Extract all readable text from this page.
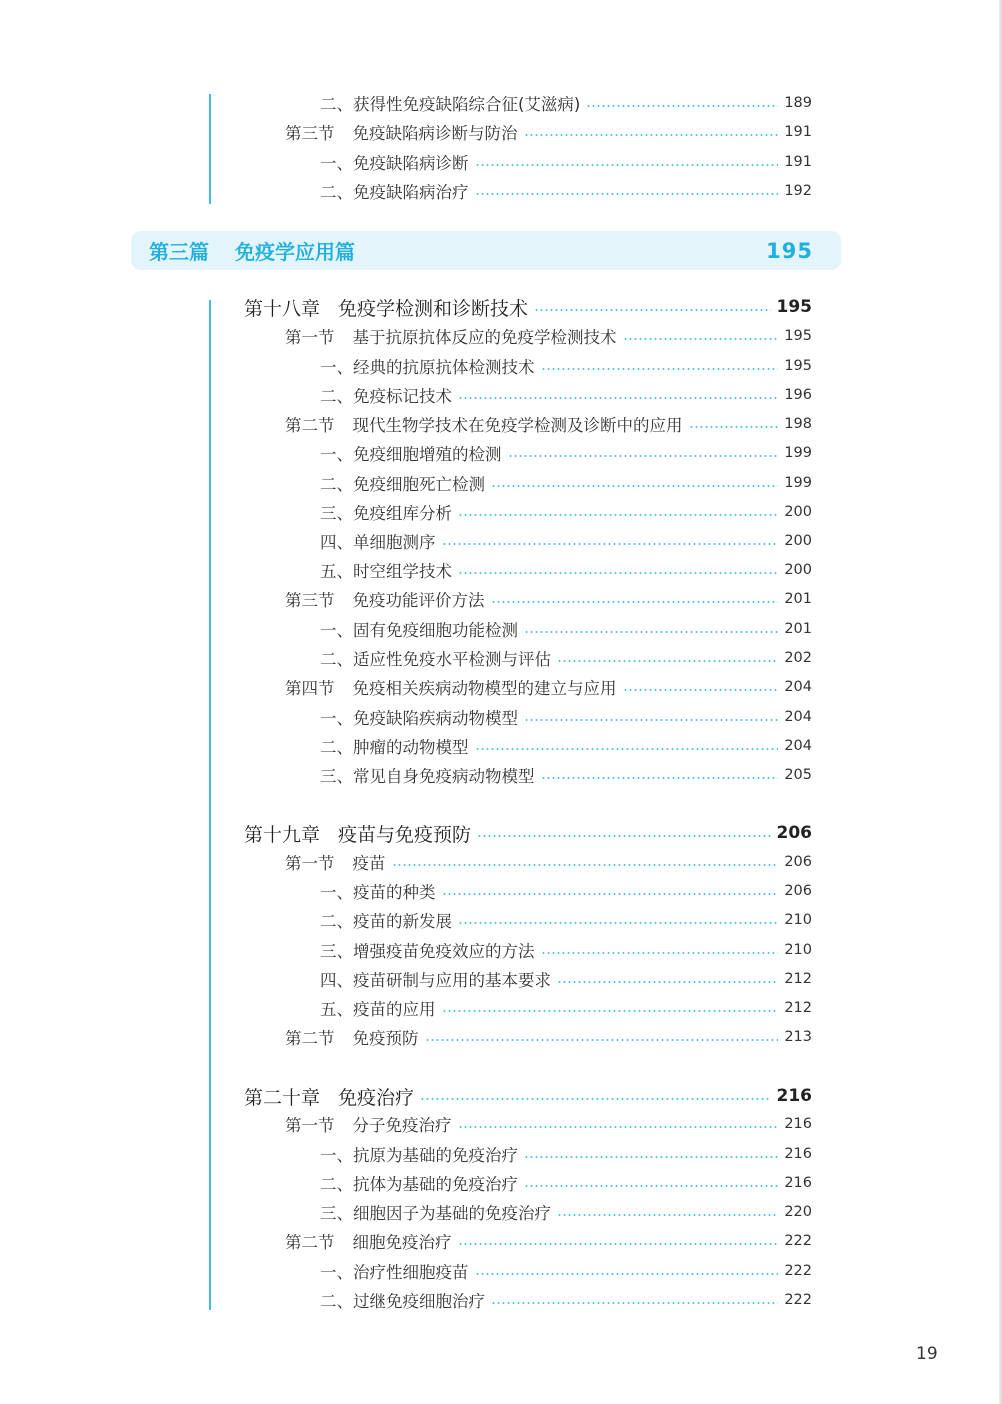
二、获得性免疫缺陷综合征(艾滋病)	189
第三节 免疫缺陷病诊断与防治	191
一、免疫缺陷病诊断	191
二、免疫缺陷病治疗	192
第三篇 免疫学应用篇	195
第十八章 免疫学检测和诊断技术	195
第一节 基于抗原抗体反应的免疫学检测技术	195
一、经典的抗原抗体检测技术	195
二、免疫标记技术	196
第二节 现代生物学技术在免疫学检测及诊断中的应用	198
一、免疫细胞增殖的检测	199
二、免疫细胞死亡检测	199
三、免疫组库分析	200
四、单细胞测序	200
五、时空组学技术	200
第三节 免疫功能评价方法	201
一、固有免疫细胞功能检测	201
二、适应性免疫水平检测与评估	202
第四节 免疫相关疾病动物模型的建立与应用	204
一、免疫缺陷疾病动物模型	204
二、肿瘤的动物模型	204
三、常见自身免疫病动物模型	205
第十九章 疫苗与免疫预防	206
第一节 疫苗	206
一、疫苗的种类	206
二、疫苗的新发展	210
三、增强疫苗免疫效应的方法	210
四、疫苗研制与应用的基本要求	212
五、疫苗的应用	212
第二节 免疫预防	213
第二十章 免疫治疗	216
第一节 分子免疫治疗	216
一、抗原为基础的免疫治疗	216
二、抗体为基础的免疫治疗	216
三、细胞因子为基础的免疫治疗	220
第二节 细胞免疫治疗	222
一、治疗性细胞疫苗	222
二、过继免疫细胞治疗	222
19
